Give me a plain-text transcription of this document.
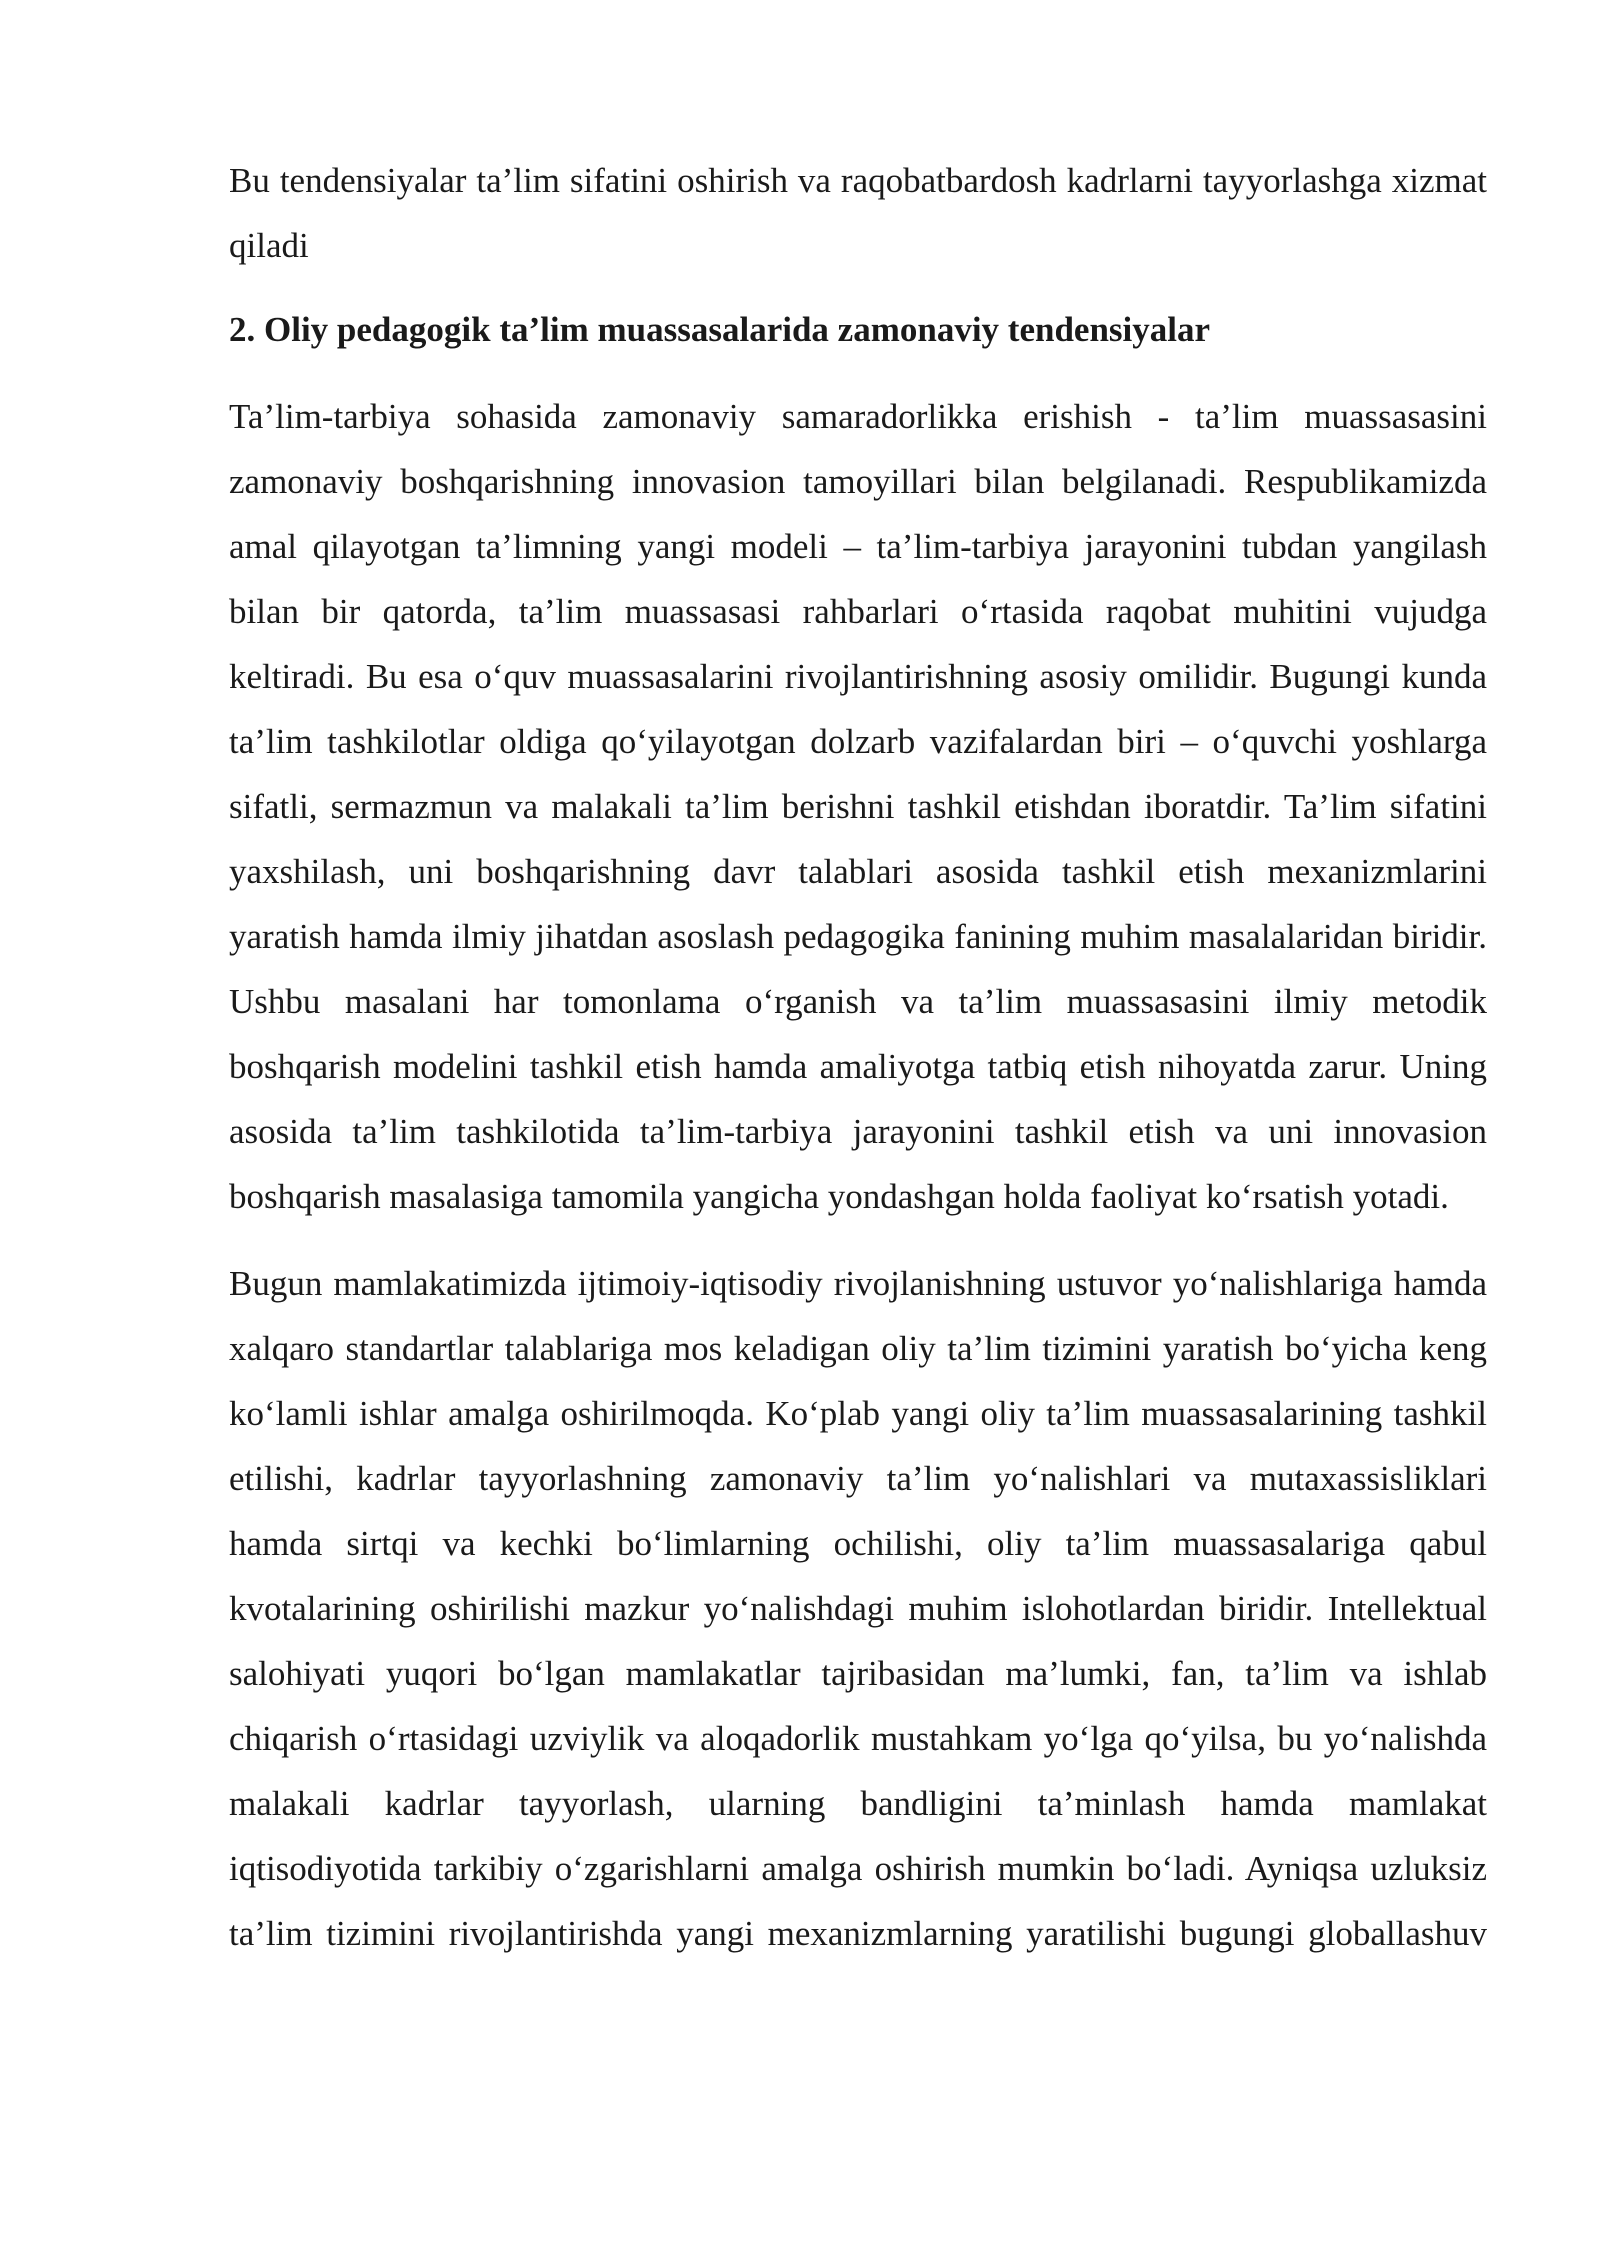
Bu tendensiyalar ta’lim sifatini oshirish va raqobatbardosh kadrlarni tayyorlashga xizmat qiladi

2. Oliy pedagogik ta’lim muassasalarida zamonaviy tendensiyalar

Ta’lim-tarbiya sohasida zamonaviy samaradorlikka erishish - ta’lim muassasasini zamonaviy boshqarishning innovasion tamoyillari bilan belgilanadi. Respublikamizda amal qilayotgan ta’limning yangi modeli – ta’lim-tarbiya jarayonini tubdan yangilash bilan bir qatorda, ta’lim muassasasi rahbarlari o‘rtasida raqobat muhitini vujudga keltiradi. Bu esa o‘quv muassasalarini rivojlantirishning asosiy omilidir. Bugungi kunda ta’lim tashkilotlar oldiga qo‘yilayotgan dolzarb vazifalardan biri – o‘quvchi yoshlarga sifatli, sermazmun va malakali ta’lim berishni tashkil etishdan iboratdir. Ta’lim sifatini yaxshilash, uni boshqarishning davr talablari asosida tashkil etish mexanizmlarini yaratish hamda ilmiy jihatdan asoslash pedagogika fanining muhim masalalaridan biridir. Ushbu masalani har tomonlama o‘rganish va ta’lim muassasasini ilmiy metodik boshqarish modelini tashkil etish hamda amaliyotga tatbiq etish nihoyatda zarur. Uning asosida ta’lim tashkilotida ta’lim-tarbiya jarayonini tashkil etish va uni innovasion boshqarish masalasiga tamomila yangicha yondashgan holda faoliyat ko‘rsatish yotadi.

Bugun mamlakatimizda ijtimoiy-iqtisodiy rivojlanishning ustuvor yo‘nalishlariga hamda xalqaro standartlar talablariga mos keladigan oliy ta’lim tizimini yaratish bo‘yicha keng ko‘lamli ishlar amalga oshirilmoqda. Ko‘plab yangi oliy ta’lim muassasalarining tashkil etilishi, kadrlar tayyorlashning zamonaviy ta’lim yo‘nalishlari va mutaxassisliklari hamda sirtqi va kechki bo‘limlarning ochilishi, oliy ta’lim muassasalariga qabul kvotalarining oshirilishi mazkur yo‘nalishdagi muhim islohotlardan biridir. Intellektual salohiyati yuqori bo‘lgan mamlakatlar tajribasidan ma’lumki, fan, ta’lim va ishlab chiqarish o‘rtasidagi uzviylik va aloqadorlik mustahkam yo‘lga qo‘yilsa, bu yo‘nalishda malakali kadrlar tayyorlash, ularning bandligini ta’minlash hamda mamlakat iqtisodiyotida tarkibiy o‘zgarishlarni amalga oshirish mumkin bo‘ladi. Ayniqsa uzluksiz ta’lim tizimini rivojlantirishda yangi mexanizmlarning yaratilishi bugungi globallashuv
